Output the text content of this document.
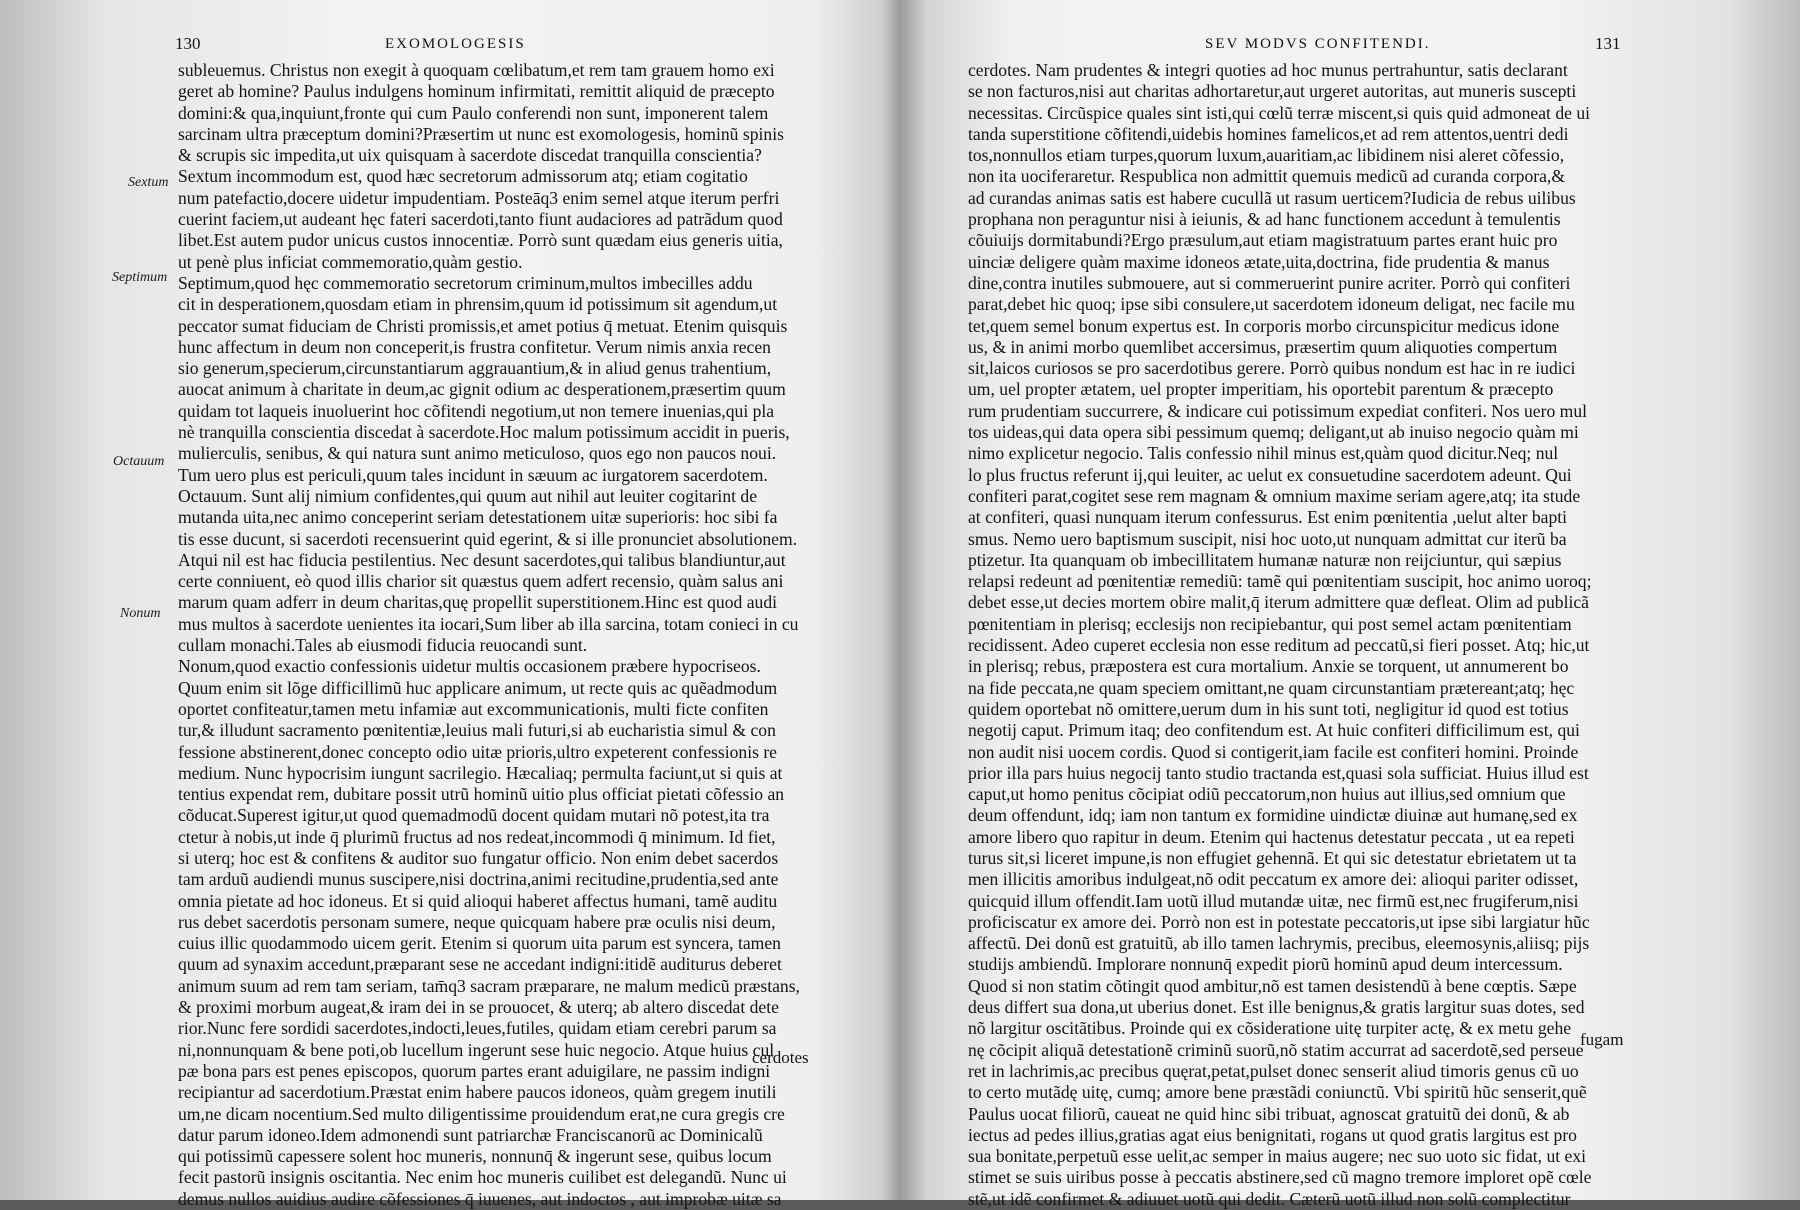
130	EXOMOLOGESIS
Sextum
Septimum
Octauum
Nonum
subleuemus. Christus non exegit à quoquam cœlibatum,et rem tam grauem homo exi
geret ab homine? Paulus indulgens hominum infirmitati, remittit aliquid de præcepto
domini:& qua,inquiunt,fronte qui cum Paulo conferendi non sunt, imponerent talem
sarcinam ultra præceptum domini?Præsertim ut nunc est exomologesis, hominũ spinis
& scrupis sic impedita,ut uix quisquam à sacerdote discedat tranquilla conscientia?
Sextum incommodum est, quod hæc secretorum admissorum atq; etiam cogitatio
num patefactio,docere uidetur impudentiam. Posteāq3 enim semel atque iterum perfri
cuerint faciem,ut audeant hęc fateri sacerdoti,tanto fiunt audaciores ad patrãdum quod
libet.Est autem pudor unicus custos innocentiæ. Porrò sunt quædam eius generis uitia,
ut penè plus inficiat commemoratio,quàm gestio.
Septimum,quod hęc commemoratio secretorum criminum,multos imbecilles addu
cit in desperationem,quosdam etiam in phrensim,quum id potissimum sit agendum,ut
peccator sumat fiduciam de Christi promissis,et amet potius q̄ metuat. Etenim quisquis
hunc affectum in deum non conceperit,is frustra confitetur. Verum nimis anxia recen
sio generum,specierum,circunstantiarum aggrauantium,& in aliud genus trahentium,
auocat animum à charitate in deum,ac gignit odium ac desperationem,præsertim quum
quidam tot laqueis inuoluerint hoc cõfitendi negotium,ut non temere inuenias,qui pla
nè tranquilla conscientia discedat à sacerdote.Hoc malum potissimum accidit in pueris,
mulierculis, senibus, & qui natura sunt animo meticuloso, quos ego non paucos noui.
Tum uero plus est periculi,quum tales incidunt in sæuum ac iurgatorem sacerdotem.
Octauum. Sunt alij nimium confidentes,qui quum aut nihil aut leuiter cogitarint de
mutanda uita,nec animo conceperint seriam detestationem uitæ superioris: hoc sibi fa
tis esse ducunt, si sacerdoti recensuerint quid egerint, & si ille pronunciet absolutionem.
Atqui nil est hac fiducia pestilentius. Nec desunt sacerdotes,qui talibus blandiuntur,aut
certe conniuent, eò quod illis charior sit quæstus quem adfert recensio, quàm salus ani
marum quam adferr in deum charitas,quę propellit superstitionem.Hinc est quod audi
mus multos à sacerdote uenientes ita iocari,Sum liber ab illa sarcina, totam conieci in cu
cullam monachi.Tales ab eiusmodi fiducia reuocandi sunt.
Nonum,quod exactio confessionis uidetur multis occasionem præbere hypocriseos.
Quum enim sit lõge difficillimũ huc applicare animum, ut recte quis ac quẽadmodum
oportet confiteatur,tamen metu infamiæ aut excommunicationis, multi ficte confiten
tur,& illudunt sacramento pœnitentiæ,leuius mali futuri,si ab eucharistia simul & con
fessione abstinerent,donec concepto odio uitæ prioris,ultro expeterent confessionis re
medium. Nunc hypocrisim iungunt sacrilegio. Hæcaliaq; permulta faciunt,ut si quis at
tentius expendat rem, dubitare possit utrũ hominũ uitio plus officiat pietati cõfessio an
cõducat.Superest igitur,ut quod quemadmodũ docent quidam mutari nõ potest,ita tra
ctetur à nobis,ut inde q̄ plurimũ fructus ad nos redeat,incommodi q̄ minimum. Id fiet,
si uterq; hoc est & confitens & auditor suo fungatur officio. Non enim debet sacerdos
tam arduũ audiendi munus suscipere,nisi doctrina,animi recitudine,prudentia,sed ante
omnia pietate ad hoc idoneus. Et si quid alioqui haberet affectus humani, tamẽ auditu
rus debet sacerdotis personam sumere, neque quicquam habere præ oculis nisi deum,
cuius illic quodammodo uicem gerit. Etenim si quorum uita parum est syncera, tamen
quum ad synaxim accedunt,præparant sese ne accedant indigni:itidẽ auditurus deberet
animum suum ad rem tam seriam, tam̄q3 sacram præparare, ne malum medicũ præstans,
& proximi morbum augeat,& iram dei in se prouocet, & uterq; ab altero discedat dete
rior.Nunc fere sordidi sacerdotes,indocti,leues,futiles, quidam etiam cerebri parum sa
ni,nonnunquam & bene poti,ob lucellum ingerunt sese huic negocio. Atque huius cul
pæ bona pars est penes episcopos, quorum partes erant aduigilare, ne passim indigni
recipiantur ad sacerdotium.Præstat enim habere paucos idoneos, quàm gregem inutili
um,ne dicam nocentium.Sed multo diligentissime prouidendum erat,ne cura gregis cre
datur parum idoneo.Idem admonendi sunt patriarchæ Franciscanorũ ac Dominicalũ
qui potissimũ capessere solent hoc muneris, nonnunq̄ & ingerunt sese, quibus locum
fecit pastorũ insignis oscitantia. Nec enim hoc muneris cuilibet est delegandũ. Nunc ui
demus nullos auidius audire cõfessiones q̄ iuuenes, aut indoctos , aut improbæ uitæ sa
cerdotes
SEV MODVS CONFITENDI.	131
cerdotes. Nam prudentes & integri quoties ad hoc munus pertrahuntur, satis declarant
se non facturos,nisi aut charitas adhortaretur,aut urgeret autoritas, aut muneris suscepti
necessitas. Circũspice quales sint isti,qui cœlũ terræ miscent,si quis quid admoneat de ui
tanda superstitione cõfitendi,uidebis homines famelicos,et ad rem attentos,uentri dedi
tos,nonnullos etiam turpes,quorum luxum,auaritiam,ac libidinem nisi aleret cõfessio,
non ita uociferaretur. Respublica non admittit quemuis medicũ ad curanda corpora,&
ad curandas animas satis est habere cucullã ut rasum uerticem?Iudicia de rebus uilibus
prophana non peraguntur nisi à ieiunis, & ad hanc functionem accedunt à temulentis
cõuiuijs dormitabundi?Ergo præsulum,aut etiam magistratuum partes erant huic pro
uinciæ deligere quàm maxime idoneos ætate,uita,doctrina, fide prudentia & manus
dine,contra inutiles submouere, aut si commeruerint punire acriter. Porrò qui confiteri
parat,debet hic quoq; ipse sibi consulere,ut sacerdotem idoneum deligat, nec facile mu
tet,quem semel bonum expertus est. In corporis morbo circunspicitur medicus idone
us, & in animi morbo quemlibet accersimus, præsertim quum aliquoties compertum
sit,laicos curiosos se pro sacerdotibus gerere. Porrò quibus nondum est hac in re iudici
um, uel propter ætatem, uel propter imperitiam, his oportebit parentum & præcepto
rum prudentiam succurrere, & indicare cui potissimum expediat confiteri. Nos uero mul
tos uideas,qui data opera sibi pessimum quemq; deligant,ut ab inuiso negocio quàm mi
nimo explicetur negocio. Talis confessio nihil minus est,quàm quod dicitur.Neq; nul
lo plus fructus referunt ij,qui leuiter, ac uelut ex consuetudine sacerdotem adeunt. Qui
confiteri parat,cogitet sese rem magnam & omnium maxime seriam agere,atq; ita stude
at confiteri, quasi nunquam iterum confessurus. Est enim pœnitentia ,uelut alter bapti
smus. Nemo uero baptismum suscipit, nisi hoc uoto,ut nunquam admittat cur iterũ ba
ptizetur. Ita quanquam ob imbecillitatem humanæ naturæ non reijciuntur, qui sæpius
relapsi redeunt ad pœnitentiæ remediũ: tamẽ qui pœnitentiam suscipit, hoc animo uoroq;
debet esse,ut decies mortem obire malit,q̄ iterum admittere quæ defleat. Olim ad publicã
pœnitentiam in plerisq; ecclesijs non recipiebantur, qui post semel actam pœnitentiam
recidissent. Adeo cuperet ecclesia non esse reditum ad peccatũ,si fieri posset. Atq; hic,ut
in plerisq; rebus, præpostera est cura mortalium. Anxie se torquent, ut annumerent bo
na fide peccata,ne quam speciem omittant,ne quam circunstantiam prætereant;atq; hęc
quidem oportebat nõ omittere,uerum dum in his sunt toti, negligitur id quod est totius
negotij caput. Primum itaq; deo confitendum est. At huic confiteri difficilimum est, qui
non audit nisi uocem cordis. Quod si contigerit,iam facile est confiteri homini. Proinde
prior illa pars huius negocij tanto studio tractanda est,quasi sola sufficiat. Huius illud est
caput,ut homo penitus cõcipiat odiũ peccatorum,non huius aut illius,sed omnium que
deum offendunt, idq; iam non tantum ex formidine uindictæ diuinæ aut humanę,sed ex
amore libero quo rapitur in deum. Etenim qui hactenus detestatur peccata , ut ea repeti
turus sit,si liceret impune,is non effugiet gehennã. Et qui sic detestatur ebrietatem ut ta
men illicitis amoribus indulgeat,nõ odit peccatum ex amore dei: alioqui pariter odisset,
quicquid illum offendit.Iam uotũ illud mutandæ uitæ, nec firmũ est,nec frugiferum,nisi
proficiscatur ex amore dei. Porrò non est in potestate peccatoris,ut ipse sibi largiatur hũc
affectũ. Dei donũ est gratuitũ, ab illo tamen lachrymis, precibus, eleemosynis,aliisq; pijs
studijs ambiendũ. Implorare nonnunq̄ expedit piorũ hominũ apud deum intercessum.
Quod si non statim cõtingit quod ambitur,nõ est tamen desistendũ à bene cœptis. Sæpe
deus differt sua dona,ut uberius donet. Est ille benignus,& gratis largitur suas dotes, sed
nõ largitur oscitãtibus. Proinde qui ex cõsideratione uitę turpiter actę, & ex metu gehe
nę cõcipit aliquã detestationẽ criminũ suorũ,nõ statim accurrat ad sacerdotẽ,sed perseue
ret in lachrimis,ac precibus quęrat,petat,pulset donec senserit aliud timoris genus cũ uo
to certo mutãdę uitę, cumq; amore bene præstãdi coniunctũ. Vbi spiritũ hũc senserit,quẽ
Paulus uocat filiorũ, caueat ne quid hinc sibi tribuat, agnoscat gratuitũ dei donũ, & ab
iectus ad pedes illius,gratias agat eius benignitati, rogans ut quod gratis largitus est pro
sua bonitate,perpetuũ esse uelit,ac semper in maius augere; nec suo uoto sic fidat, ut exi
stimet se suis uiribus posse à peccatis abstinere,sed cũ magno tremore imploret opẽ cœle
stẽ,ut idẽ confirmet & adiuuet uotũ qui dedit. Cæterũ uotũ illud non solũ complectitur
fugam
